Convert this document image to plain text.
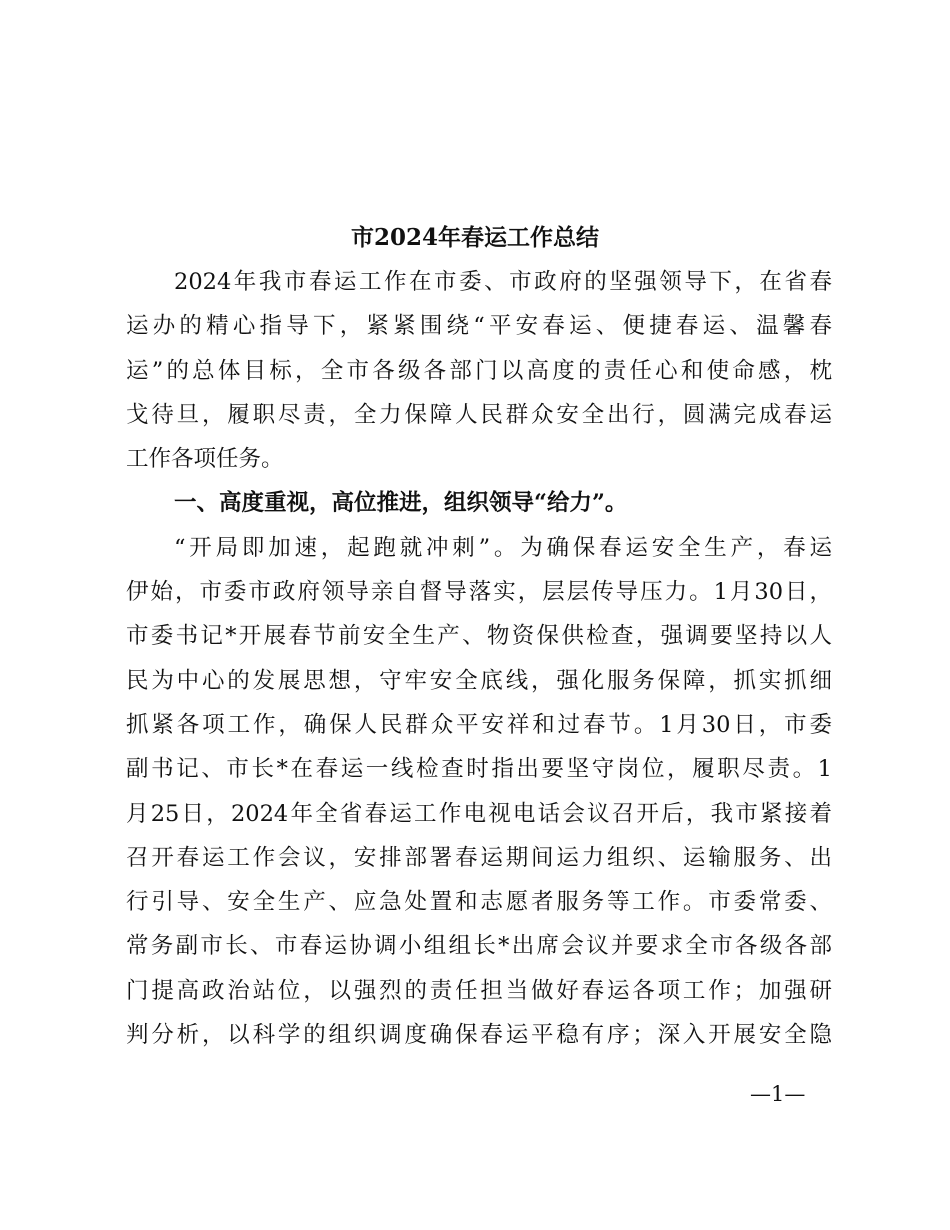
市2024年春运工作总结
2024年我市春运工作在市委、市政府的坚强领导下，在省春
运办的精心指导下，紧紧围绕“平安春运、便捷春运、温馨春
运”的总体目标，全市各级各部门以高度的责任心和使命感，枕
戈待旦，履职尽责，全力保障人民群众安全出行，圆满完成春运
工作各项任务。
一、高度重视，高位推进，组织领导“给力”。
“开局即加速，起跑就冲刺”。为确保春运安全生产，春运
伊始，市委市政府领导亲自督导落实，层层传导压力。1月30日，
市委书记*开展春节前安全生产、物资保供检查，强调要坚持以人
民为中心的发展思想，守牢安全底线，强化服务保障，抓实抓细
抓紧各项工作，确保人民群众平安祥和过春节。1月30日，市委
副书记、市长*在春运一线检查时指出要坚守岗位，履职尽责。1
月25日，2024年全省春运工作电视电话会议召开后，我市紧接着
召开春运工作会议，安排部署春运期间运力组织、运输服务、出
行引导、安全生产、应急处置和志愿者服务等工作。市委常委、
常务副市长、市春运协调小组组长*出席会议并要求全市各级各部
门提高政治站位，以强烈的责任担当做好春运各项工作；加强研
判分析，以科学的组织调度确保春运平稳有序；深入开展安全隐
—1—
